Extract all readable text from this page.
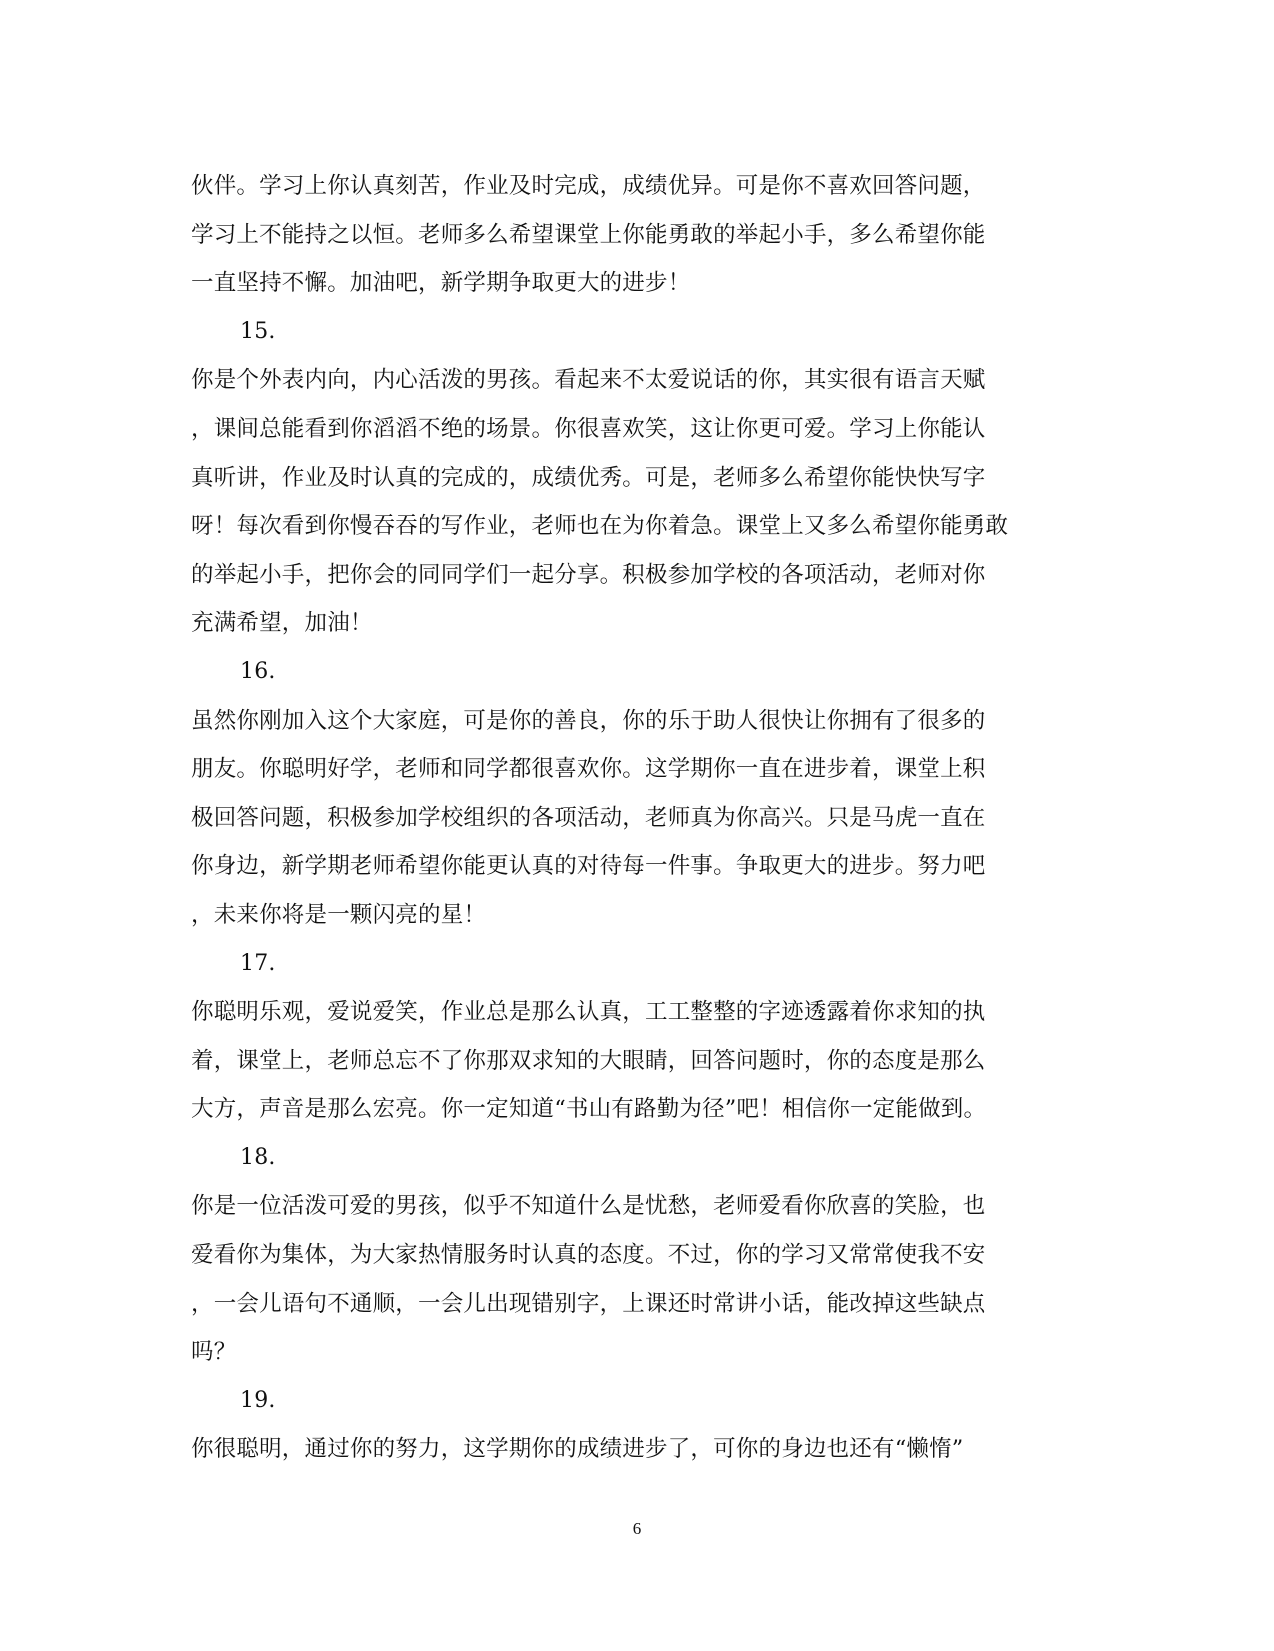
伙伴。学习上你认真刻苦，作业及时完成，成绩优异。可是你不喜欢回答问题，
学习上不能持之以恒。老师多么希望课堂上你能勇敢的举起小手，多么希望你能
一直坚持不懈。加油吧，新学期争取更大的进步！
15.
你是个外表内向，内心活泼的男孩。看起来不太爱说话的你，其实很有语言天赋
，课间总能看到你滔滔不绝的场景。你很喜欢笑，这让你更可爱。学习上你能认
真听讲，作业及时认真的完成的，成绩优秀。可是，老师多么希望你能快快写字
呀！每次看到你慢吞吞的写作业，老师也在为你着急。课堂上又多么希望你能勇敢
的举起小手，把你会的同同学们一起分享。积极参加学校的各项活动，老师对你
充满希望，加油！
16.
虽然你刚加入这个大家庭，可是你的善良，你的乐于助人很快让你拥有了很多的
朋友。你聪明好学，老师和同学都很喜欢你。这学期你一直在进步着，课堂上积
极回答问题，积极参加学校组织的各项活动，老师真为你高兴。只是马虎一直在
你身边，新学期老师希望你能更认真的对待每一件事。争取更大的进步。努力吧
，未来你将是一颗闪亮的星！
17.
你聪明乐观，爱说爱笑，作业总是那么认真，工工整整的字迹透露着你求知的执
着，课堂上，老师总忘不了你那双求知的大眼睛，回答问题时，你的态度是那么
大方，声音是那么宏亮。你一定知道“书山有路勤为径”吧！相信你一定能做到。
18.
你是一位活泼可爱的男孩，似乎不知道什么是忧愁，老师爱看你欣喜的笑脸，也
爱看你为集体，为大家热情服务时认真的态度。不过，你的学习又常常使我不安
，一会儿语句不通顺，一会儿出现错别字，上课还时常讲小话，能改掉这些缺点
吗？
19.
你很聪明，通过你的努力，这学期你的成绩进步了，可你的身边也还有“懒惰”
6
